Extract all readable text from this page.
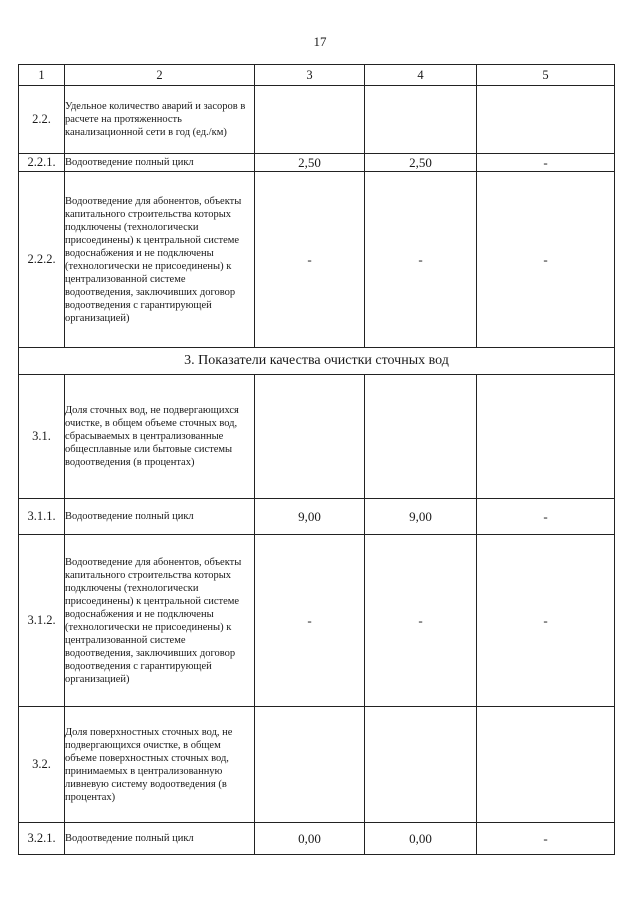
17
1	2	3	4	5
2.2.	Удельное количество аварий и засоров в расчете на протяженность канализационной сети в год (ед./км)			
2.2.1.	Водоотведение полный цикл	2,50	2,50	-
2.2.2.	Водоотведение для абонентов, объекты капитального строительства которых подключены (технологически присоединены) к центральной системе водоснабжения и не подключены (технологически не присоединены) к централизованной системе водоотведения, заключивших договор водоотведения с гарантирующей организацией)	-	-	-
3. Показатели качества очистки сточных вод				
3.1.	Доля сточных вод, не подвергающихся очистке, в общем объеме сточных вод, сбрасываемых в централизованные общесплавные или бытовые системы водоотведения (в процентах)			
3.1.1.	Водоотведение полный цикл	9,00	9,00	-
3.1.2.	Водоотведение для абонентов, объекты капитального строительства которых подключены (технологически присоединены) к центральной системе водоснабжения и не подключены (технологически не присоединены) к централизованной системе водоотведения, заключивших договор водоотведения с гарантирующей организацией)	-	-	-
3.2.	Доля поверхностных сточных вод, не подвергающихся очистке, в общем объеме поверхностных сточных вод, принимаемых в централизованную ливневую систему водоотведения (в процентах)			
3.2.1.	Водоотведение полный цикл	0,00	0,00	-
